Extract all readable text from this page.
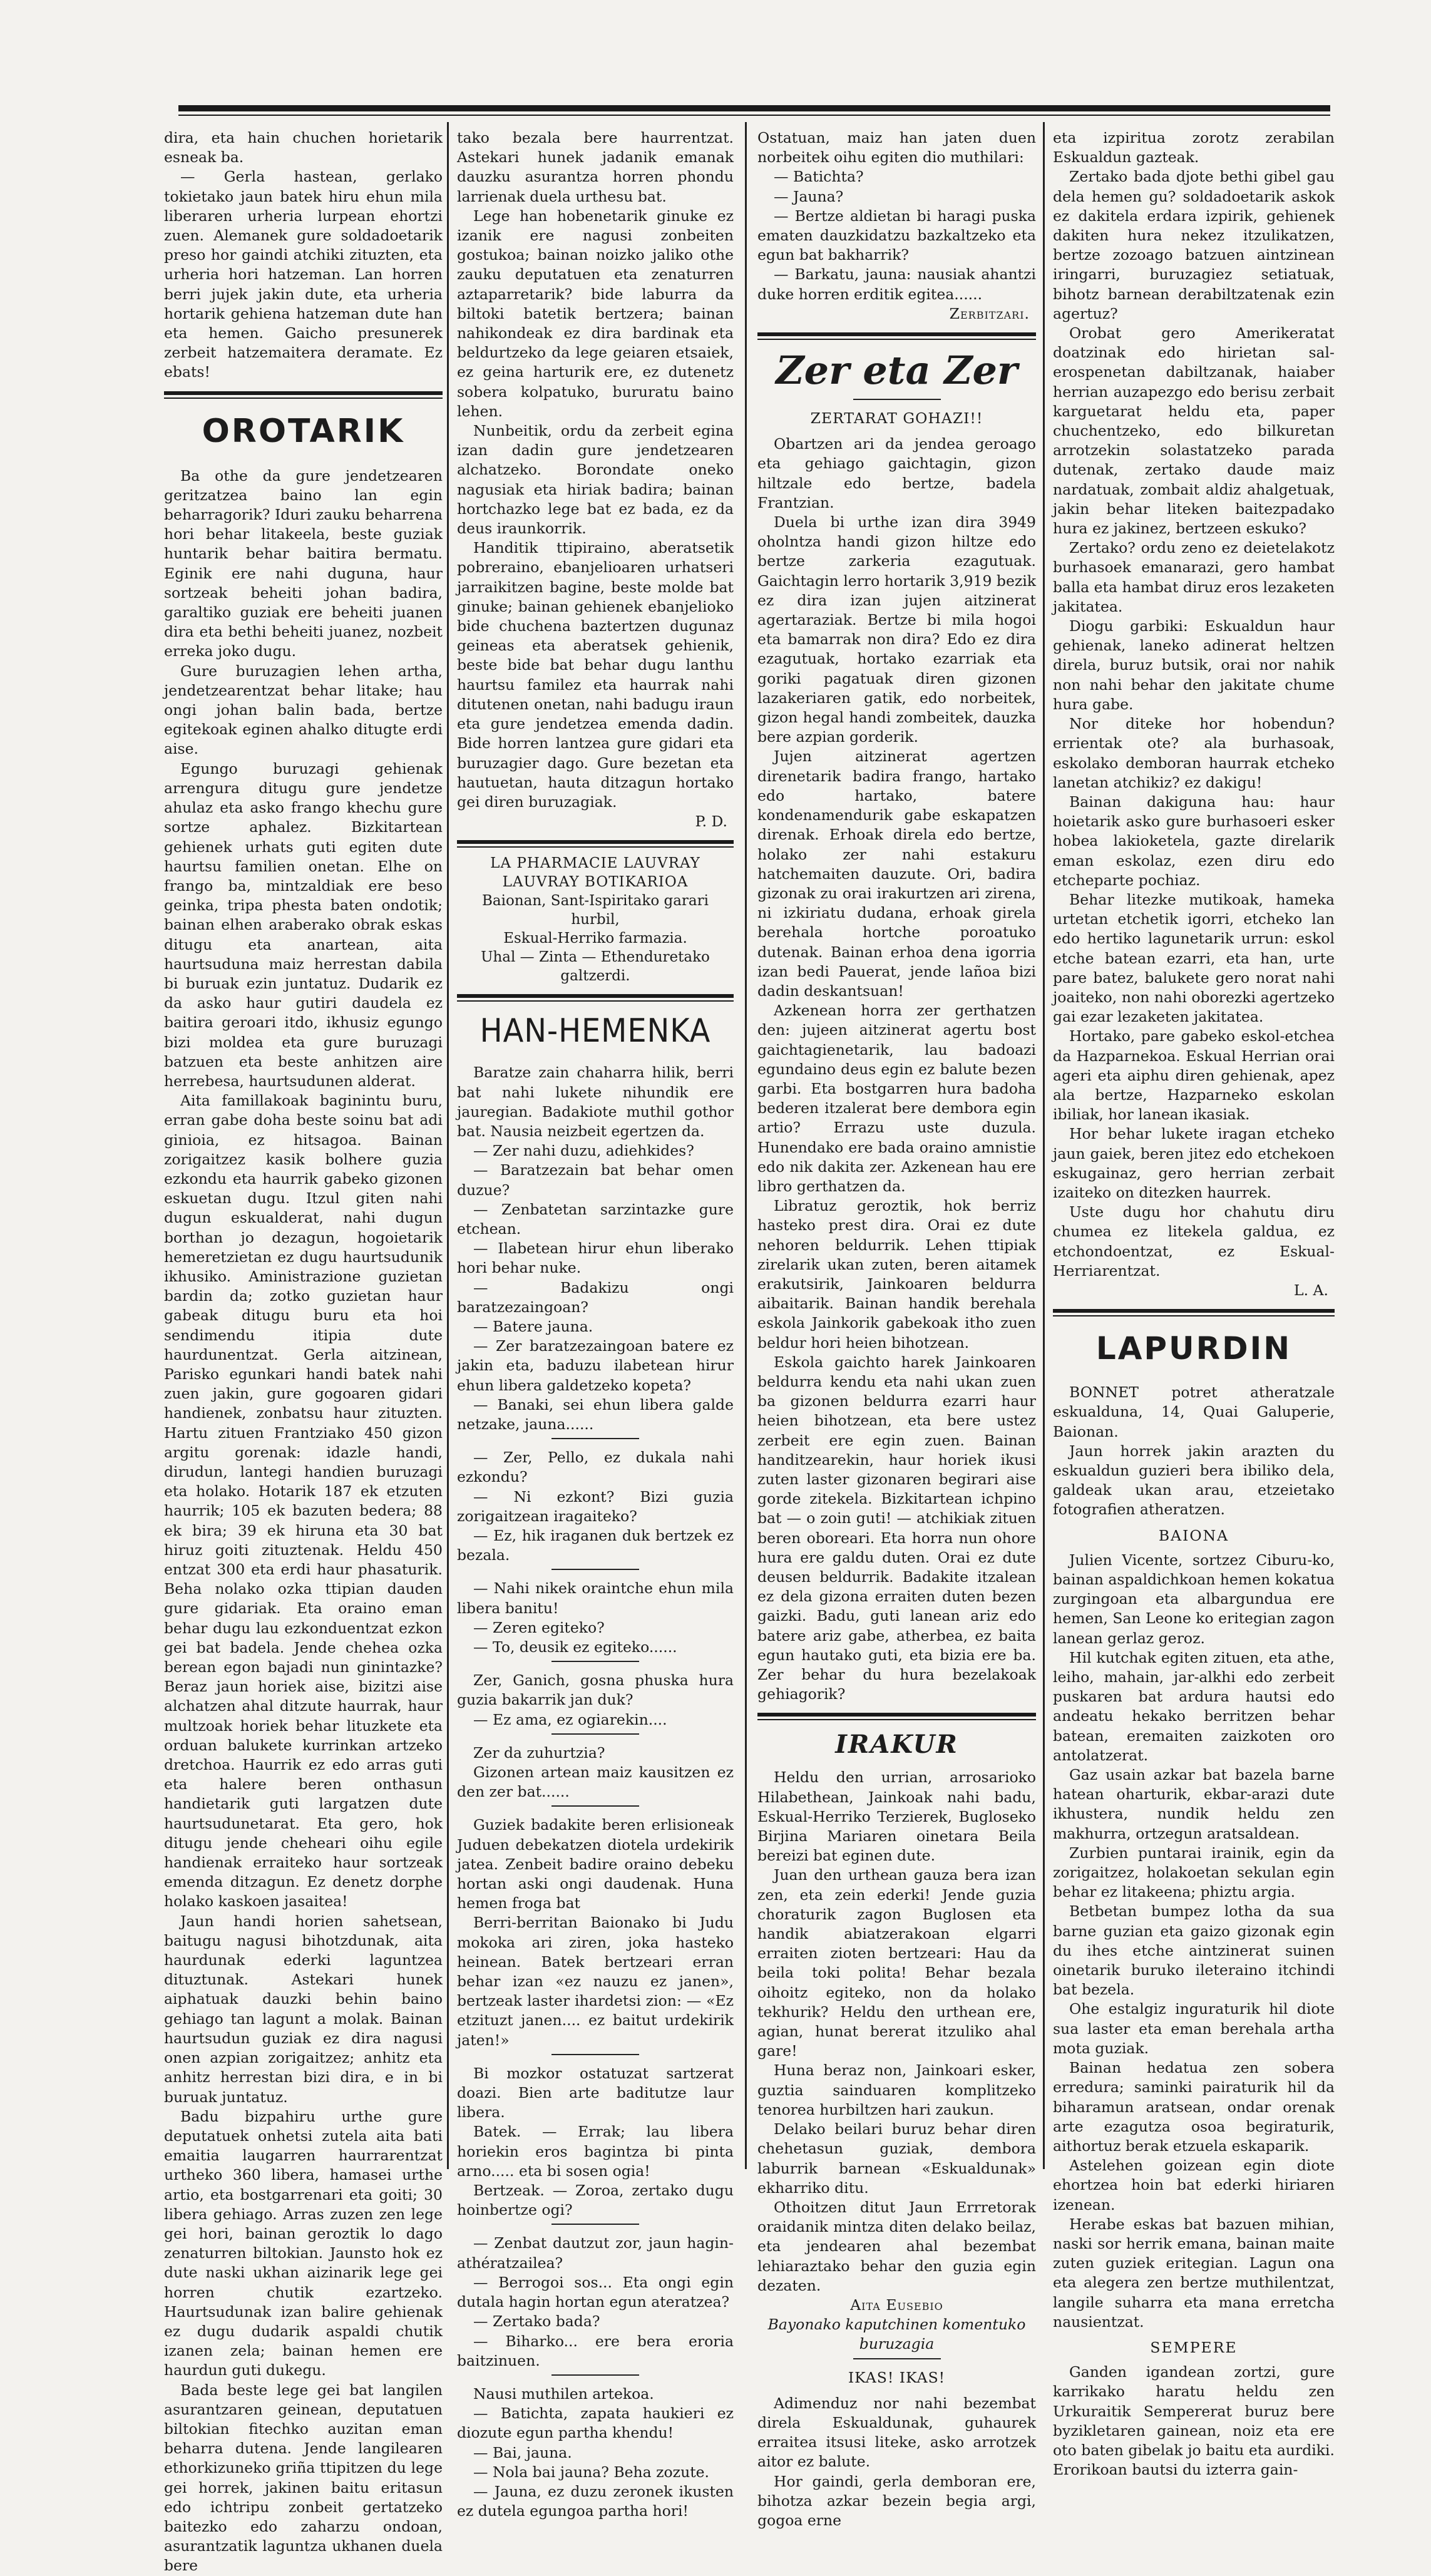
dira, eta hain chuchen horietarik esneak ba.

— Gerla hastean, gerlako tokietako jaun batek hiru ehun mila liberaren urheria lurpean ehortzi zuen. Alemanek gure soldadoetarik preso hor gaindi atchiki zituzten, eta urheria hori hatzeman. Lan horren berri jujek jakin dute, eta urheria hortarik gehiena hatzeman dute han eta hemen. Gaicho presunerek zerbeit hatzemaitera deramate. Ez ebats!

OROTARIK

Ba othe da gure jendetzearen geritzatzea baino lan egin beharragorik? Iduri zauku beharrena hori behar litakeela, beste guziak huntarik behar baitira bermatu. Eginik ere nahi duguna, haur sortzeak beheiti johan badira, garaltiko guziak ere beheiti juanen dira eta bethi beheiti juanez, nozbeit erreka joko dugu.

Gure buruzagien lehen artha, jendetzearentzat behar litake; hau ongi johan balin bada, bertze egitekoak eginen ahalko ditugte erdi aise.

Egungo buruzagi gehienak arrengura ditugu gure jendetze ahulaz eta asko frango khechu gure sortze aphalez. Bizkitartean gehienek urhats guti egiten dute haurtsu familien onetan. Elhe on frango ba, mintzaldiak ere beso geinka, tripa phesta baten ondotik; bainan elhen araberako obrak eskas ditugu eta anartean, aita haurtsuduna maiz herrestan dabila bi buruak ezin juntatuz. Dudarik ez da asko haur gutiri daudela ez baitira geroari itdo, ikhusiz egungo bizi moldea eta gure buruzagi batzuen eta beste anhitzen aire herrebesa, haurtsudunen alderat.

Aita famillakoak baginintu buru, erran gabe doha beste soinu bat adi ginioia, ez hitsagoa. Bainan zorigaitzez kasik bolhere guzia ezkondu eta haurrik gabeko gizonen eskuetan dugu. Itzul giten nahi dugun eskualderat, nahi dugun borthan jo dezagun, hogoietarik hemeretzietan ez dugu haurtsudunik ikhusiko. Aministrazione guzietan bardin da; zotko guzietan haur gabeak ditugu buru eta hoi sendimendu itipia dute haurdunentzat. Gerla aitzinean, Parisko egunkari handi batek nahi zuen jakin, gure gogoaren gidari handienek, zonbatsu haur zituzten. Hartu zituen Frantziako 450 gizon argitu gorenak: idazle handi, dirudun, lantegi handien buruzagi eta holako. Hotarik 187 ek etzuten haurrik; 105 ek bazuten bedera; 88 ek bira; 39 ek hiruna eta 30 bat hiruz goiti zituztenak. Heldu 450 entzat 300 eta erdi haur phasaturik. Beha nolako ozka ttipian dauden gure gidariak. Eta oraino eman behar dugu lau ezkonduentzat ezkon gei bat badela. Jende chehea ozka berean egon bajadi nun ginintazke? Beraz jaun horiek aise, bizitzi aise alchatzen ahal ditzute haurrak, haur multzoak horiek behar lituzkete eta orduan balukete kurrinkan artzeko dretchoa. Haurrik ez edo arras guti eta halere beren onthasun handietarik guti largatzen dute haurtsudunetarat. Eta gero, hok ditugu jende cheheari oihu egile handienak erraiteko haur sortzeak emenda ditzagun. Ez denetz dorphe holako kaskoen jasaitea!

Jaun handi horien sahetsean, baitugu nagusi bihotzdunak, aita haurdunak ederki laguntzea dituztunak. Astekari hunek aiphatuak dauzki behin baino gehiago tan lagunt a molak. Bainan haurtsudun guziak ez dira nagusi onen azpian zorigaitzez; anhitz eta anhitz herrestan bizi dira, e in bi buruak juntatuz.

Badu bizpahiru urthe gure deputatuek onhetsi zutela aita bati emaitia laugarren haurrarentzat urtheko 360 libera, hamasei urthe artio, eta bostgarrenari eta goiti; 30 libera gehiago. Arras zuzen zen lege gei hori, bainan geroztik lo dago zenaturren biltokian. Jaunsto hok ez dute naski ukhan aizinarik lege gei horren chutik ezartzeko. Haurtsudunak izan balire gehienak ez dugu dudarik aspaldi chutik izanen zela; bainan hemen ere haurdun guti dukegu.

Bada beste lege gei bat langilen asurantzaren geinean, deputatuen biltokian fitechko auzitan eman beharra dutena. Jende langilearen ethorkizuneko griña ttipitzen du lege gei horrek, jakinen baitu eritasun edo ichtripu zonbeit gertatzeko baitezko edo zaharzu ondoan, asurantzatik laguntza ukhanen duela bere

tako bezala bere haurrentzat. Astekari hunek jadanik emanak dauzku asurantza horren phondu larrienak duela urthesu bat.

Lege han hobenetarik ginuke ez izanik ere nagusi zonbeiten gostukoa; bainan noizko jaliko othe zauku deputatuen eta zenaturren aztaparretarik? bide laburra da biltoki batetik bertzera; bainan nahikondeak ez dira bardinak eta beldurtzeko da lege geiaren etsaiek, ez geina harturik ere, ez dutenetz sobera kolpatuko, bururatu baino lehen.

Nunbeitik, ordu da zerbeit egina izan dadin gure jendetzearen alchatzeko. Borondate oneko nagusiak eta hiriak badira; bainan hortchazko lege bat ez bada, ez da deus iraunkorrik.

Handitik ttipiraino, aberatsetik pobreraino, ebanjelioaren urhatseri jarraikitzen bagine, beste molde bat ginuke; bainan gehienek ebanjelioko bide chuchena baztertzen dugunaz geineas eta aberatsek gehienik, beste bide bat behar dugu lanthu haurtsu familez eta haurrak nahi ditutenen onetan, nahi badugu iraun eta gure jendetzea emenda dadin. Bide horren lantzea gure gidari eta buruzagier dago. Gure bezetan eta hautuetan, hauta ditzagun hortako gei diren buruzagiak.

P. D.
LA PHARMACIE LAUVRAY
LAUVRAY BOTIKARIOA
Baionan, Sant-Ispiritako garari hurbil,
Eskual-Herriko farmazia.
Uhal — Zinta — Ethenduretako
galtzerdi.
HAN-HEMENKA

Baratze zain chaharra hilik, berri bat nahi lukete nihundik ere jauregian. Badakiote muthil gothor bat. Nausia neizbeit egertzen da.

— Zer nahi duzu, adiehkides?

— Baratzezain bat behar omen duzue?

— Zenbatetan sarzintazke gure etchean.

— Ilabetean hirur ehun liberako hori behar nuke.

— Badakizu ongi baratzezaingoan?

— Batere jauna.

— Zer baratzezaingoan batere ez jakin eta, baduzu ilabetean hirur ehun libera galdetzeko kopeta?

— Banaki, sei ehun libera galde netzake, jauna......

— Zer, Pello, ez dukala nahi ezkondu?

— Ni ezkont? Bizi guzia zorigaitzean iragaiteko?

— Ez, hik iraganen duk bertzek ez bezala.

— Nahi nikek oraintche ehun mila libera banitu!

— Zeren egiteko?

— To, deusik ez egiteko......

Zer, Ganich, gosna phuska hura guzia bakarrik jan duk?

— Ez ama, ez ogiarekin....

Zer da zuhurtzia?

Gizonen artean maiz kausitzen ez den zer bat......

Guziek badakite beren erlisioneak Juduen debekatzen diotela urdekirik jatea. Zenbeit badire oraino debeku hortan aski ongi daudenak. Huna hemen froga bat

Berri-berritan Baionako bi Judu mokoka ari ziren, joka hasteko heinean. Batek bertzeari erran behar izan «ez nauzu ez janen», bertzeak laster ihardetsi zion: — «Ez etzituzt janen.... ez baitut urdekirik jaten!»

Bi mozkor ostatuzat sartzerat doazi. Bien arte baditutze laur libera.

Batek. — Errak; lau libera horiekin eros bagintza bi pinta arno..... eta bi sosen ogia!

Bertzeak. — Zoroa, zertako dugu hoinbertze ogi?

— Zenbat dautzut zor, jaun hagin-athératzailea?

— Berrogoi sos... Eta ongi egin dutala hagin hortan egun ateratzea?

— Zertako bada?

— Biharko... ere bera eroria baitzinuen.

Nausi muthilen artekoa.

— Batichta, zapata haukieri ez diozute egun partha khendu!

— Bai, jauna.

— Nola bai jauna? Beha zozute.

— Jauna, ez duzu zeronek ikusten ez dutela egungoa partha hori!

Ostatuan, maiz han jaten duen norbeitek oihu egiten dio muthilari:

— Batichta?

— Jauna?

— Bertze aldietan bi haragi puska ematen dauzkidatzu bazkaltzeko eta egun bat bakharrik?

— Barkatu, jauna: nausiak ahantzi duke horren erditik egitea......

Zerbitzari.
Zer eta Zer
ZERTARAT GOHAZI!!

Obartzen ari da jendea geroago eta gehiago gaichtagin, gizon hiltzale edo bertze, badela Frantzian.

Duela bi urthe izan dira 3949 oholntza handi gizon hiltze edo bertze zarkeria ezagutuak. Gaichtagin lerro hortarik 3,919 bezik ez dira izan jujen aitzinerat agertaraziak. Bertze bi mila hogoi eta bamarrak non dira? Edo ez dira ezagutuak, hortako ezarriak eta goriki pagatuak diren gizonen lazakeriaren gatik, edo norbeitek, gizon hegal handi zombeitek, dauzka bere azpian gorderik.

Jujen aitzinerat agertzen direnetarik badira frango, hartako edo hartako, batere kondenamendurik gabe eskapatzen direnak. Erhoak direla edo bertze, holako zer nahi estakuru hatchemaiten dauzute. Ori, badira gizonak zu orai irakurtzen ari zirena, ni izkiriatu dudana, erhoak girela berehala hortche poroatuko dutenak. Bainan erhoa dena igorria izan bedi Pauerat, jende lañoa bizi dadin deskantsuan!

Azkenean horra zer gerthatzen den: jujeen aitzinerat agertu bost gaichtagienetarik, lau badoazi egundaino deus egin ez balute bezen garbi. Eta bostgarren hura badoha bederen itzalerat bere dembora egin artio? Errazu uste duzula. Hunendako ere bada oraino amnistie edo nik dakita zer. Azkenean hau ere libro gerthatzen da.

Libratuz geroztik, hok berriz hasteko prest dira. Orai ez dute nehoren beldurrik. Lehen ttipiak zirelarik ukan zuten, beren aitamek erakutsirik, Jainkoaren beldurra aibaitarik. Bainan handik berehala eskola Jainkorik gabekoak itho zuen beldur hori heien bihotzean.

Eskola gaichto harek Jainkoaren beldurra kendu eta nahi ukan zuen ba gizonen beldurra ezarri haur heien bihotzean, eta bere ustez zerbeit ere egin zuen. Bainan handitzearekin, haur horiek ikusi zuten laster gizonaren begirari aise gorde zitekela. Bizkitartean ichpino bat — o zoin guti! — atchikiak zituen beren oboreari. Eta horra nun ohore hura ere galdu duten. Orai ez dute deusen beldurrik. Badakite itzalean ez dela gizona erraiten duten bezen gaizki. Badu, guti lanean ariz edo batere ariz gabe, atherbea, ez baita egun hautako guti, eta bizia ere ba. Zer behar du hura bezelakoak gehiagorik?

IRAKUR

Heldu den urrian, arrosarioko Hilabethean, Jainkoak nahi badu, Eskual-Herriko Terzierek, Bugloseko Birjina Mariaren oinetara Beila bereizi bat eginen dute.

Juan den urthean gauza bera izan zen, eta zein ederki! Jende guzia choraturik zagon Buglosen eta handik abiatzerakoan elgarri erraiten zioten bertzeari: Hau da beila toki polita! Behar bezala oihoitz egiteko, non da holako tekhurik? Heldu den urthean ere, agian, hunat bererat itzuliko ahal gare!

Huna beraz non, Jainkoari esker, guztia sainduaren komplitzeko tenorea hurbiltzen hari zaukun.

Delako beilari buruz behar diren chehetasun guziak, dembora laburrik barnean «Eskualdunak» ekharriko ditu.

Othoitzen ditut Jaun Errretorak oraidanik mintza diten delako beilaz, eta jendearen ahal bezembat lehiaraztako behar den guzia egin dezaten.

Aita Eusebio
Bayonako kaputchinen komentuko buruzagia
IKAS! IKAS!

Adimenduz nor nahi bezembat direla Eskualdunak, guhaurek erraitea itsusi liteke, asko arrotzek aitor ez balute.

Hor gaindi, gerla demboran ere, bihotza azkar bezein begia argi, gogoa erne

eta izpiritua zorotz zerabilan Eskualdun gazteak.

Zertako bada djote bethi gibel gau dela hemen gu? soldadoetarik askok ez dakitela erdara izpirik, gehienek dakiten hura nekez itzulikatzen, bertze zozoago batzuen aintzinean iringarri, buruzagiez setiatuak, bihotz barnean derabiltzatenak ezin agertuz?

Orobat gero Amerikeratat doatzinak edo hirietan sal-erospenetan dabiltzanak, haiaber herrian auzapezgo edo berisu zerbait karguetarat heldu eta, paper chuchentzeko, edo bilkuretan arrotzekin solastatzeko parada dutenak, zertako daude maiz nardatuak, zombait aldiz ahalgetuak, jakin behar liteken baitezpadako hura ez jakinez, bertzeen eskuko?

Zertako? ordu zeno ez deietelakotz burhasoek emanarazi, gero hambat balla eta hambat diruz eros lezaketen jakitatea.

Diogu garbiki: Eskualdun haur gehienak, laneko adinerat heltzen direla, buruz butsik, orai nor nahik non nahi behar den jakitate chume hura gabe.

Nor diteke hor hobendun? errientak ote? ala burhasoak, eskolako demboran haurrak etcheko lanetan atchikiz? ez dakigu!

Bainan dakiguna hau: haur hoietarik asko gure burhasoeri esker hobea lakioketela, gazte direlarik eman eskolaz, ezen diru edo etcheparte pochiaz.

Behar litezke mutikoak, hameka urtetan etchetik igorri, etcheko lan edo hertiko lagunetarik urrun: eskol etche batean ezarri, eta han, urte pare batez, balukete gero norat nahi joaiteko, non nahi oborezki agertzeko gai ezar lezaketen jakitatea.

Hortako, pare gabeko eskol-etchea da Hazparnekoa. Eskual Herrian orai ageri eta aiphu diren gehienak, apez ala bertze, Hazparneko eskolan ibiliak, hor lanean ikasiak.

Hor behar lukete iragan etcheko jaun gaiek, beren jitez edo etchekoen eskugainaz, gero herrian zerbait izaiteko on ditezken haurrek.

Uste dugu hor chahutu diru chumea ez litekela galdua, ez etchondoentzat, ez Eskual-Herriarentzat.

L. A.
LAPURDIN

BONNET potret atheratzale eskualduna, 14, Quai Galuperie, Baionan.

Jaun horrek jakin arazten du eskualdun guzieri bera ibiliko dela, galdeak ukan arau, etzeietako fotografien atheratzen.

BAIONA

Julien Vicente, sortzez Ciburu-ko, bainan aspaldichkoan hemen kokatua zurgingoan eta albargundua ere hemen, San Leone ko eritegian zagon lanean gerlaz geroz.

Hil kutchak egiten zituen, eta athe, leiho, mahain, jar-alkhi edo zerbeit puskaren bat ardura hautsi edo andeatu hekako berritzen behar batean, eremaiten zaizkoten oro antolatzerat.

Gaz usain azkar bat bazela barne hatean oharturik, ekbar-arazi dute ikhustera, nundik heldu zen makhurra, ortzegun aratsaldean.

Zurbien puntarai irainik, egin da zorigaitzez, holakoetan sekulan egin behar ez litakeena; phiztu argia.

Betbetan bumpez lotha da sua barne guzian eta gaizo gizonak egin du ihes etche aintzinerat suinen oinetarik buruko ileteraino itchindi bat bezela.

Ohe estalgiz inguraturik hil diote sua laster eta eman berehala artha mota guziak.

Bainan hedatua zen sobera erredura; saminki pairaturik hil da biharamun aratsean, ondar orenak arte ezagutza osoa begiraturik, aithortuz berak etzuela eskaparik.

Astelehen goizean egin diote ehortzea hoin bat ederki hiriaren izenean.

Herabe eskas bat bazuen mihian, naski sor herrik emana, bainan maite zuten guziek eritegian. Lagun ona eta alegera zen bertze muthilentzat, langile suharra eta mana erretcha nausientzat.

SEMPERE

Ganden igandean zortzi, gure karrikako haratu heldu zen Urkuraitik Sempererat buruz bere byzikletaren gainean, noiz eta ere oto baten gibelak jo baitu eta aurdiki. Erorikoan bautsi du izterra gain-
